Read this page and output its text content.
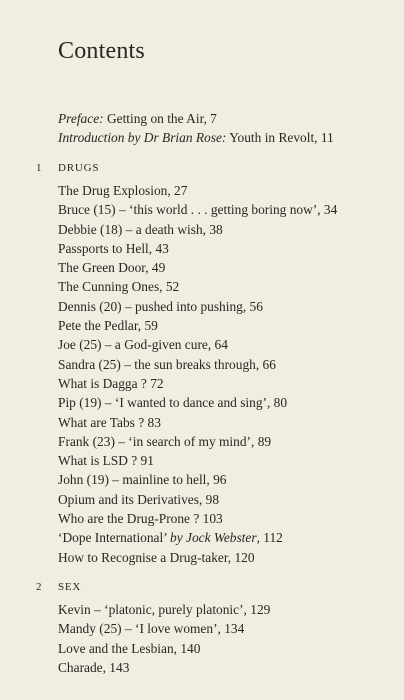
Contents
Preface: Getting on the Air, 7
Introduction by Dr Brian Rose: Youth in Revolt, 11
1 DRUGS
The Drug Explosion, 27
Bruce (15) – ‘this world . . . getting boring now’, 34
Debbie (18) – a death wish, 38
Passports to Hell, 43
The Green Door, 49
The Cunning Ones, 52
Dennis (20) – pushed into pushing, 56
Pete the Pedlar, 59
Joe (25) – a God-given cure, 64
Sandra (25) – the sun breaks through, 66
What is Dagga ? 72
Pip (19) – ‘I wanted to dance and sing’, 80
What are Tabs ? 83
Frank (23) – ‘in search of my mind’, 89
What is LSD ? 91
John (19) – mainline to hell, 96
Opium and its Derivatives, 98
Who are the Drug-Prone ? 103
‘Dope International’ by Jock Webster, 112
How to Recognise a Drug-taker, 120
2 SEX
Kevin – ‘platonic, purely platonic’, 129
Mandy (25) – ‘I love women’, 134
Love and the Lesbian, 140
Charade, 143
